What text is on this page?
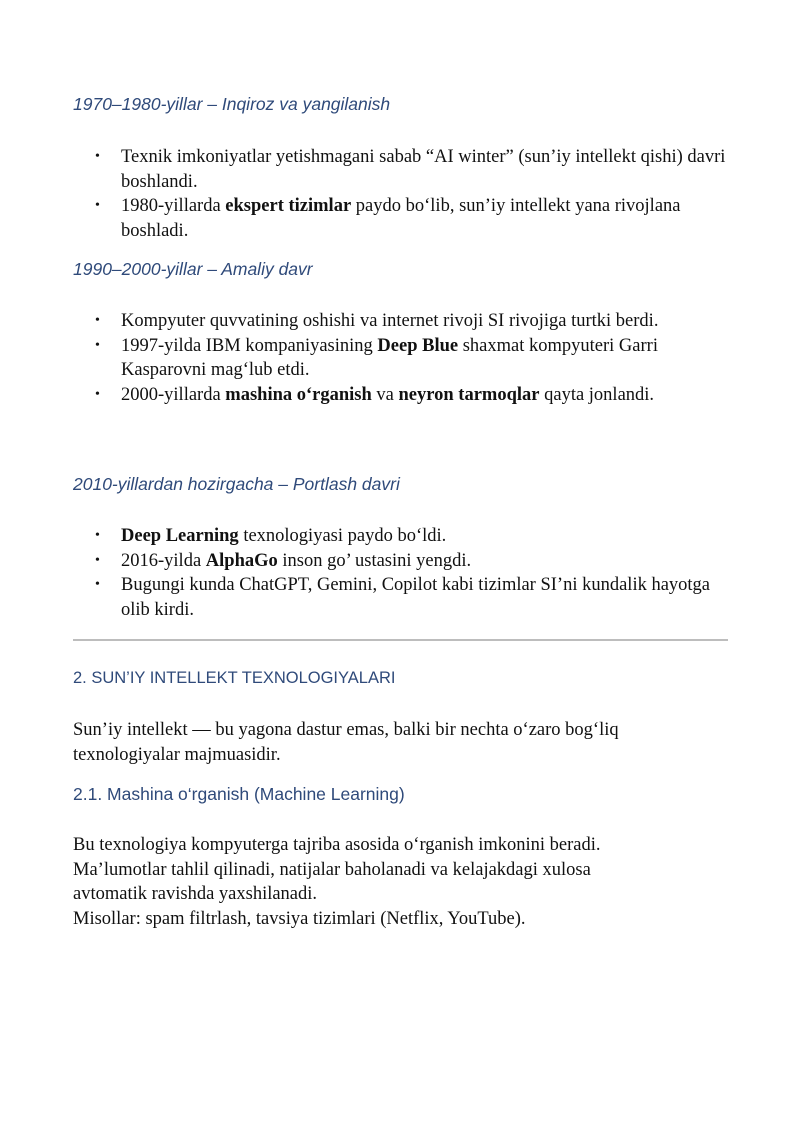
1970–1980-yillar – Inqiroz va yangilanish
• Texnik imkoniyatlar yetishmagani sabab “AI winter” (sun’iy intellekt qishi) davri boshlandi.
• 1980-yillarda ekspert tizimlar paydo bo‘lib, sun’iy intellekt yana rivojlana boshladi.
1990–2000-yillar – Amaliy davr
• Kompyuter quvvatining oshishi va internet rivoji SI rivojiga turtki berdi.
• 1997-yilda IBM kompaniyasining Deep Blue shaxmat kompyuteri Garri Kasparovni mag‘lub etdi.
• 2000-yillarda mashina o‘rganish va neyron tarmoqlar qayta jonlandi.
2010-yillardan hozirgacha – Portlash davri
• Deep Learning texnologiyasi paydo bo‘ldi.
• 2016-yilda AlphaGo inson go’ ustasini yengdi.
• Bugungi kunda ChatGPT, Gemini, Copilot kabi tizimlar SI’ni kundalik hayotga olib kirdi.
2. SUN’IY INTELLEKT TEXNOLOGIYALARI

Sun’iy intellekt — bu yagona dastur emas, balki bir nechta o‘zaro bog‘liq
texnologiyalar majmuasidir.

2.1. Mashina o‘rganish (Machine Learning)

Bu texnologiya kompyuterga tajriba asosida o‘rganish imkonini beradi.
Ma’lumotlar tahlil qilinadi, natijalar baholanadi va kelajakdagi xulosa
avtomatik ravishda yaxshilanadi.
Misollar: spam filtrlash, tavsiya tizimlari (Netflix, YouTube).
